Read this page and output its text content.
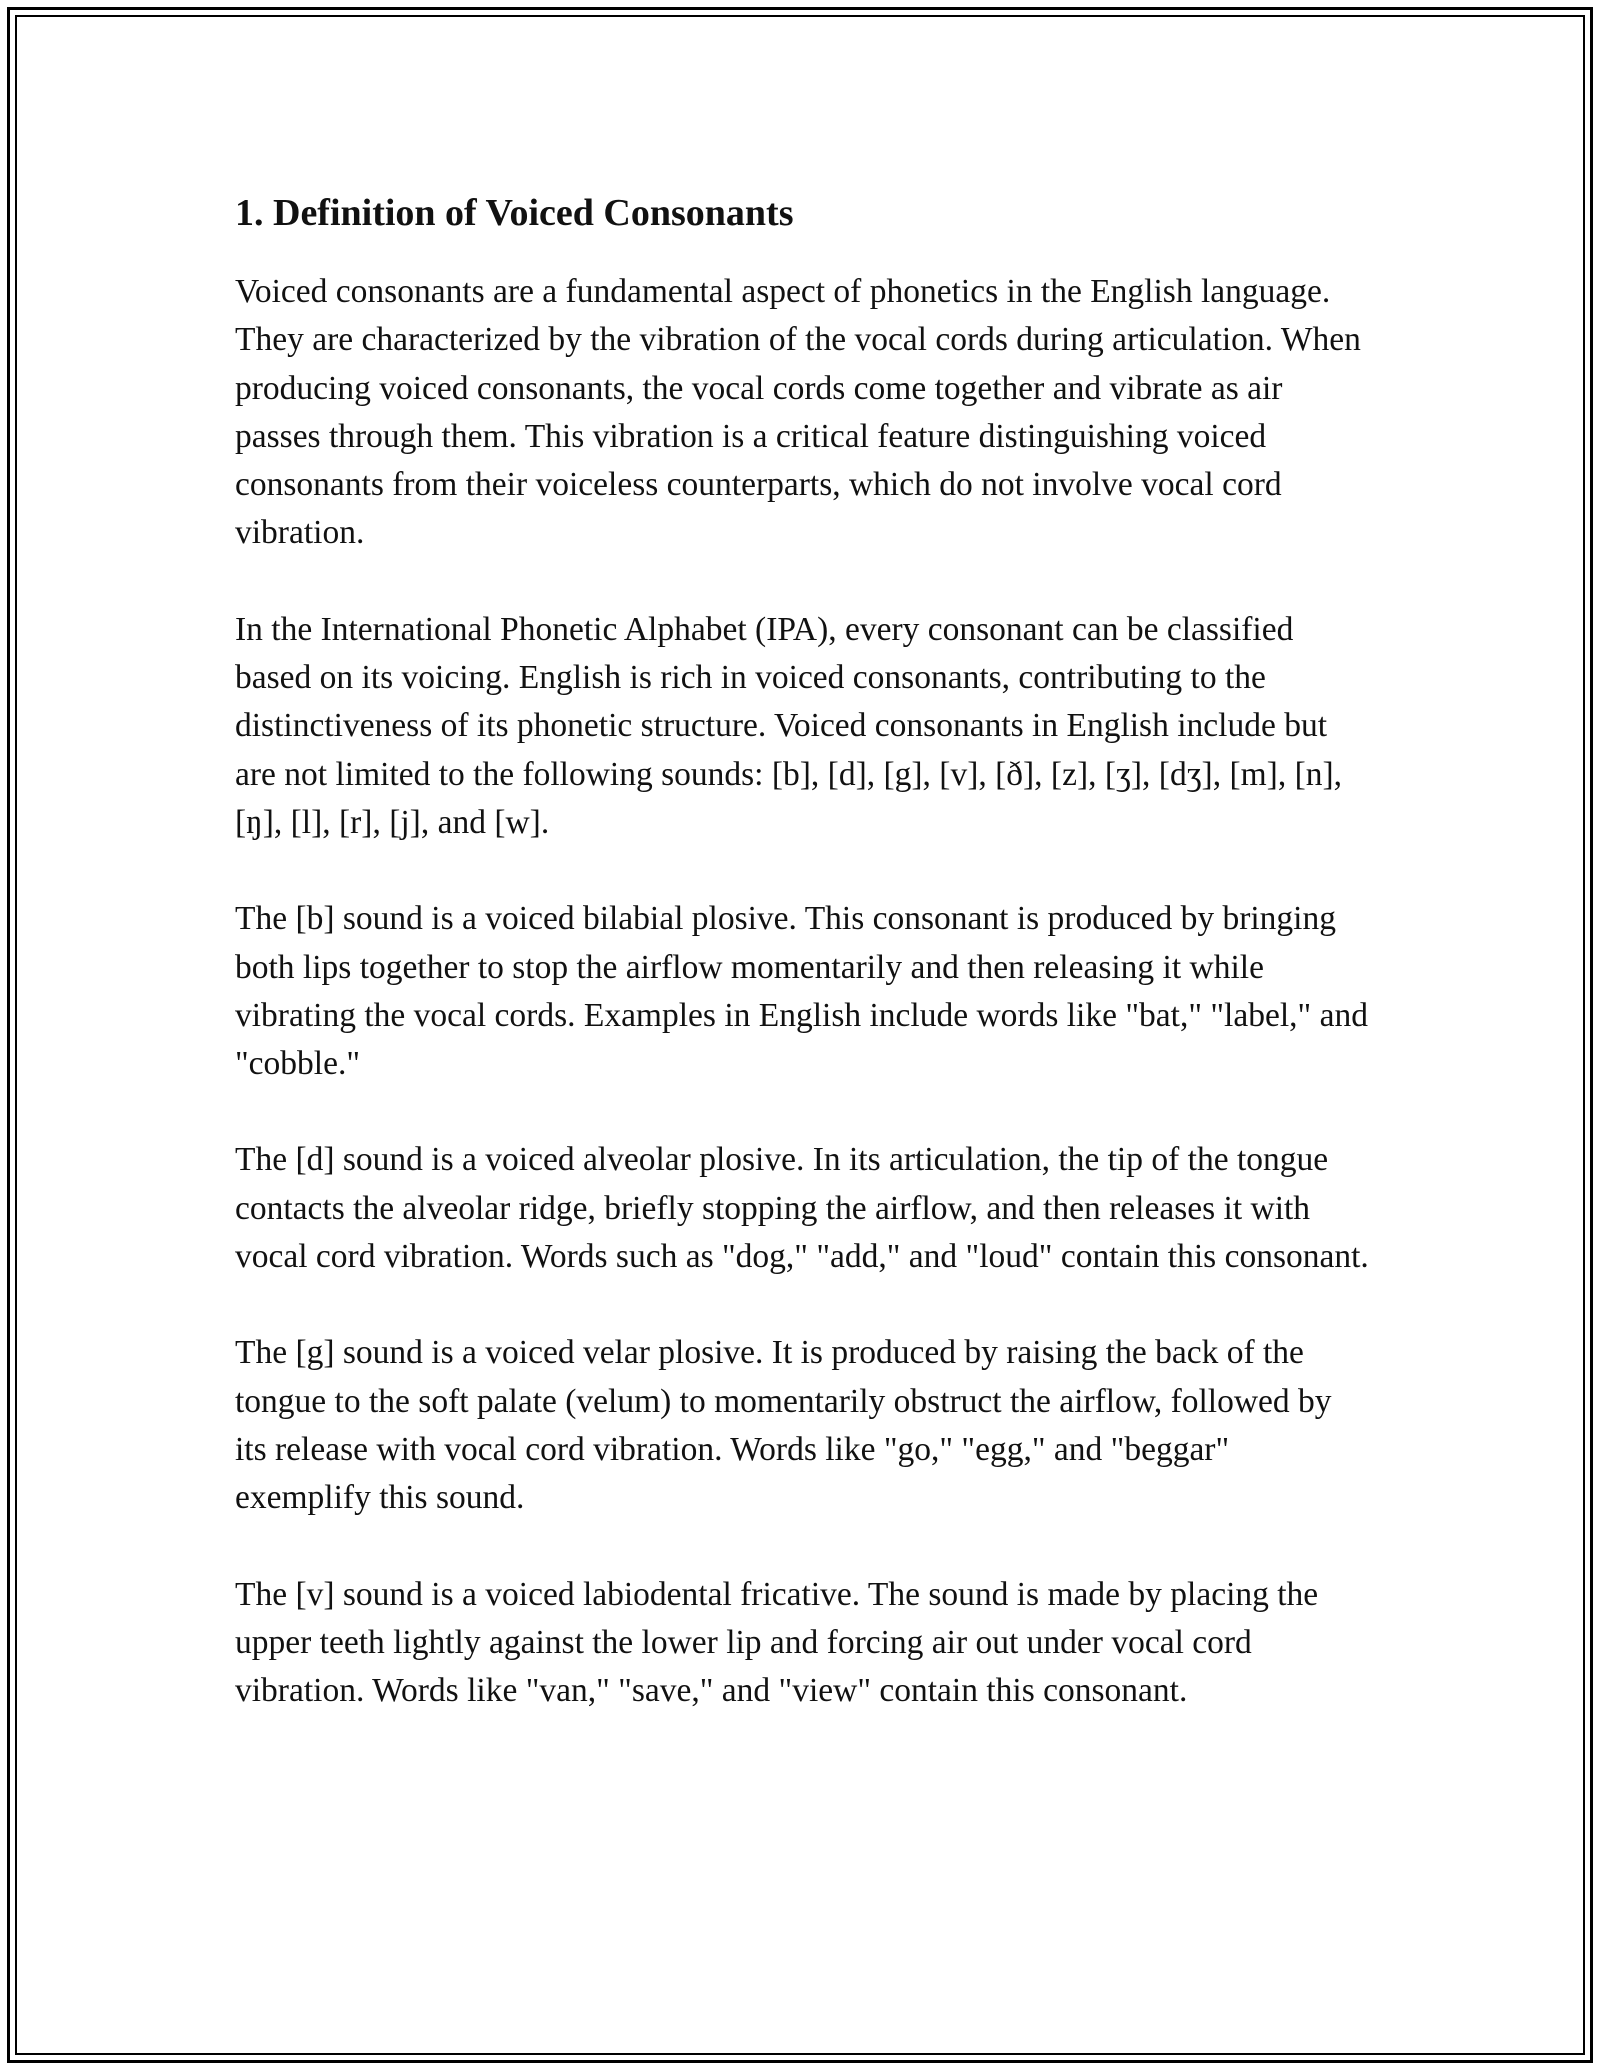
1. Definition of Voiced Consonants

Voiced consonants are a fundamental aspect of phonetics in the English language. They are characterized by the vibration of the vocal cords during articulation. When producing voiced consonants, the vocal cords come together and vibrate as air passes through them. This vibration is a critical feature distinguishing voiced consonants from their voiceless counterparts, which do not involve vocal cord vibration.

In the International Phonetic Alphabet (IPA), every consonant can be classified based on its voicing. English is rich in voiced consonants, contributing to the distinctiveness of its phonetic structure. Voiced consonants in English include but are not limited to the following sounds: [b], [d], [g], [v], [ð], [z], [ʒ], [dʒ], [m], [n], [ŋ], [l], [r], [j], and [w].

The [b] sound is a voiced bilabial plosive. This consonant is produced by bringing both lips together to stop the airflow momentarily and then releasing it while vibrating the vocal cords. Examples in English include words like "bat," "label," and "cobble."

The [d] sound is a voiced alveolar plosive. In its articulation, the tip of the tongue contacts the alveolar ridge, briefly stopping the airflow, and then releases it with vocal cord vibration. Words such as "dog," "add," and "loud" contain this consonant.

The [g] sound is a voiced velar plosive. It is produced by raising the back of the tongue to the soft palate (velum) to momentarily obstruct the airflow, followed by its release with vocal cord vibration. Words like "go," "egg," and "beggar" exemplify this sound.

The [v] sound is a voiced labiodental fricative. The sound is made by placing the upper teeth lightly against the lower lip and forcing air out under vocal cord vibration. Words like "van," "save," and "view" contain this consonant.
